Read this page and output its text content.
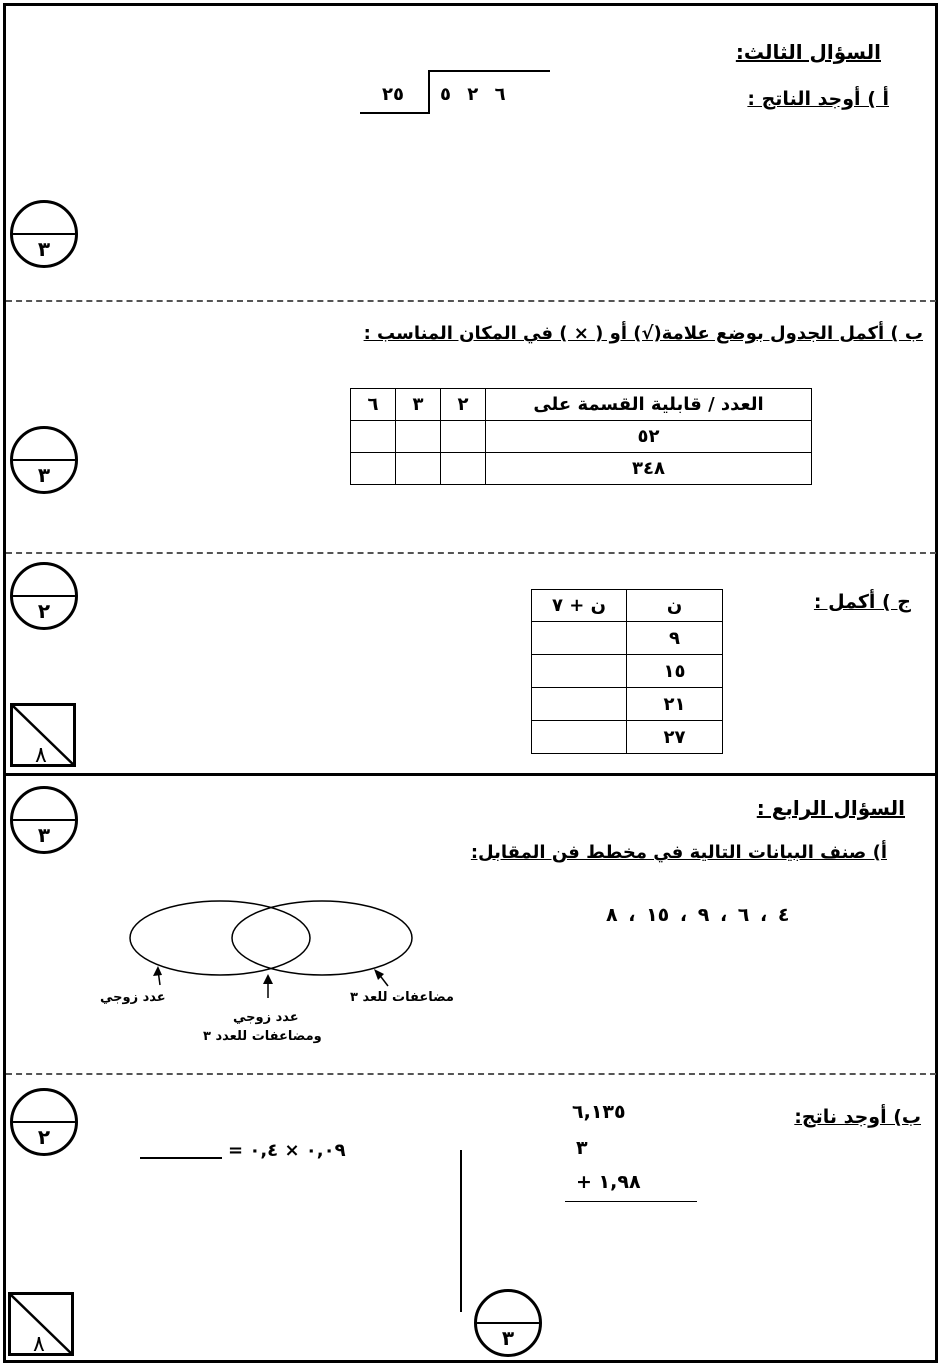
السؤال الثالث:
أ ) أوجد الناتج :
٦ ٢ ٥
٢٥
٣
ب ) أكمل الجدول بوضع علامة(√) أو ( × ) في المكان المناسب :
٦	٣	٢	العدد / قابلية القسمة على
			٥٢
			٣٤٨
٣
ج ) أكمل :
ن + ٧	ن
	٩
	١٥
	٢١
	٢٧
٢
٨
السؤال الرابع :
أ) صنف البيانات التالية في مخطط فن المقابل:
٣
٤ ، ٦ ، ٩ ، ١٥ ، ٨
عدد زوجي
عدد زوجي
ومضاعفات للعدد ٣
مضاعفات للعد ٣
ب) أوجد ناتج:
٢
٦,١٣٥
٣
١,٩٨ +
٠,٠٩ × ٠,٤ =
٣
٨
